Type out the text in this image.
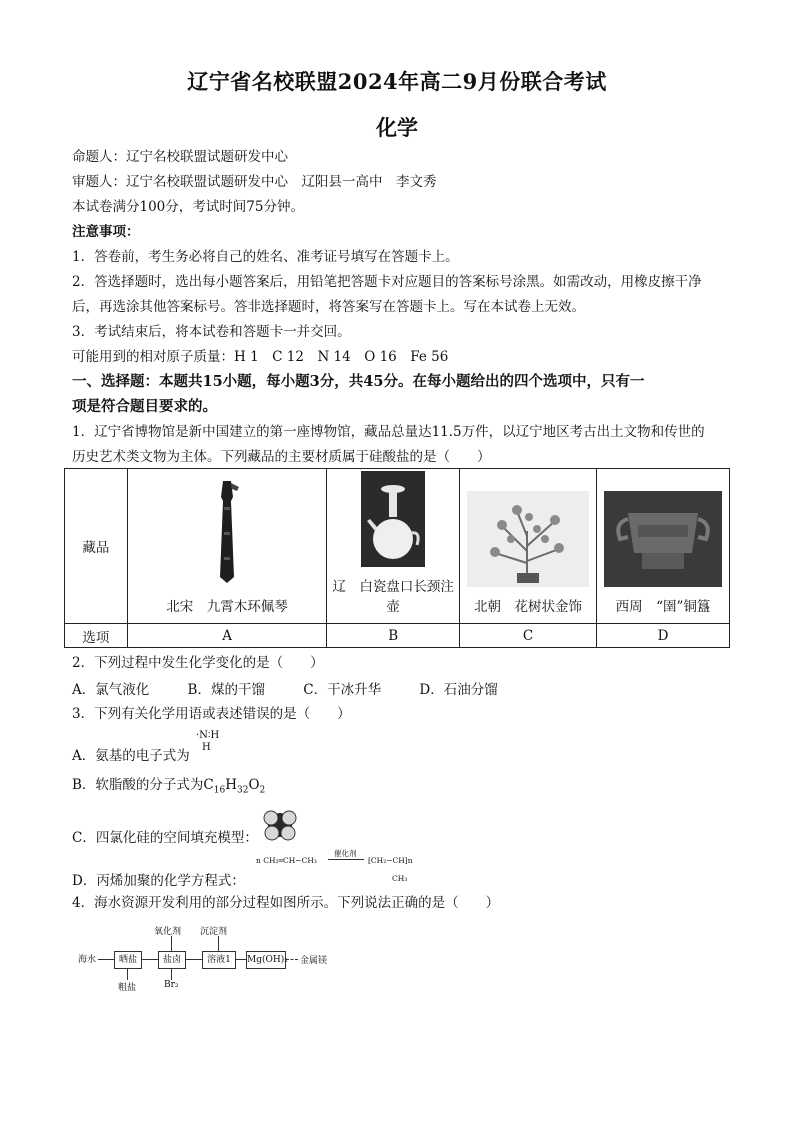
辽宁省名校联盟2024年高二9月份联合考试
化学
命题人：辽宁名校联盟试题研发中心
审题人：辽宁名校联盟试题研发中心　辽阳县一高中　李文秀
本试卷满分100分，考试时间75分钟。
注意事项：
1．答卷前，考生务必将自己的姓名、准考证号填写在答题卡上。
2．答选择题时，选出每小题答案后，用铅笔把答题卡对应题目的答案标号涂黑。如需改动，用橡皮擦干净
后，再选涂其他答案标号。答非选择题时，将答案写在答题卡上。写在本试卷上无效。
3．考试结束后，将本试卷和答题卡一并交回。
可能用到的相对原子质量：H 1　C 12　N 14　O 16　Fe 56
一、选择题：本题共15小题，每小题3分，共45分。在每小题给出的四个选项中，只有一
项是符合题目要求的。
1．辽宁省博物馆是新中国建立的第一座博物馆，藏品总量达11.5万件，以辽宁地区考古出土文物和传世的
历史艺术类文物为主体。下列藏品的主要材质属于硅酸盐的是（　　）
藏品	北宋　九霄木环佩琴	辽　白瓷盘口长颈注壶	北朝　花树状金饰	西周　“圉”铜簋

选项	A	B	C	D
2．下列过程中发生化学变化的是（　　）
A．氯气液化	B．煤的干馏	C．干冰升华	D．石油分馏
3．下列有关化学用语或表述错误的是（　　）
A．氨基的电子式为
·N∶H
H
B．软脂酸的分子式为$C_{16}H_{32}O_2$
C．四氯化硅的空间填充模型：
n CH₂═CH−CH₃
催化剂
⁅CH₂−CH⁆n
CH₃
D．丙烯加聚的化学方程式：
4．海水资源开发利用的部分过程如图所示。下列说法正确的是（　　）
海水	晒盐	盐卤	溶液1	Mg(OH)₂ 金属镁
氧化剂 沉淀剂
粗盐	Br₂
